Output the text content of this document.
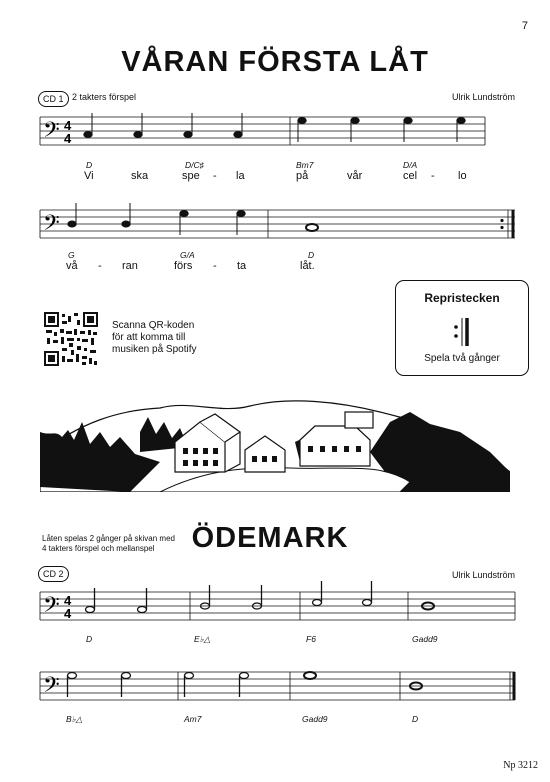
7
VÅRAN FÖRSTA LÅT
CD 1 2 takters förspel	Ulrik Lundström
𝄢 4
4
D	D/C♯	Bm7	D/A
Vi	ska	spe - la	på	vår	cel - lo
𝄢
G	G/A	D
vå - ran	förs - ta	låt.
Scanna QR-koden
för att komma till
musiken på Spotify
Repristecken
Spela två gånger
Låten spelas 2 gånger på skivan med
4 takters förspel och mellanspel	ÖDEMARK
CD 2	Ulrik Lundström
𝄢 4
4
D	E♭△	F6	Gadd9
𝄢
B♭△	Am7	Gadd9	D
Np 3212
